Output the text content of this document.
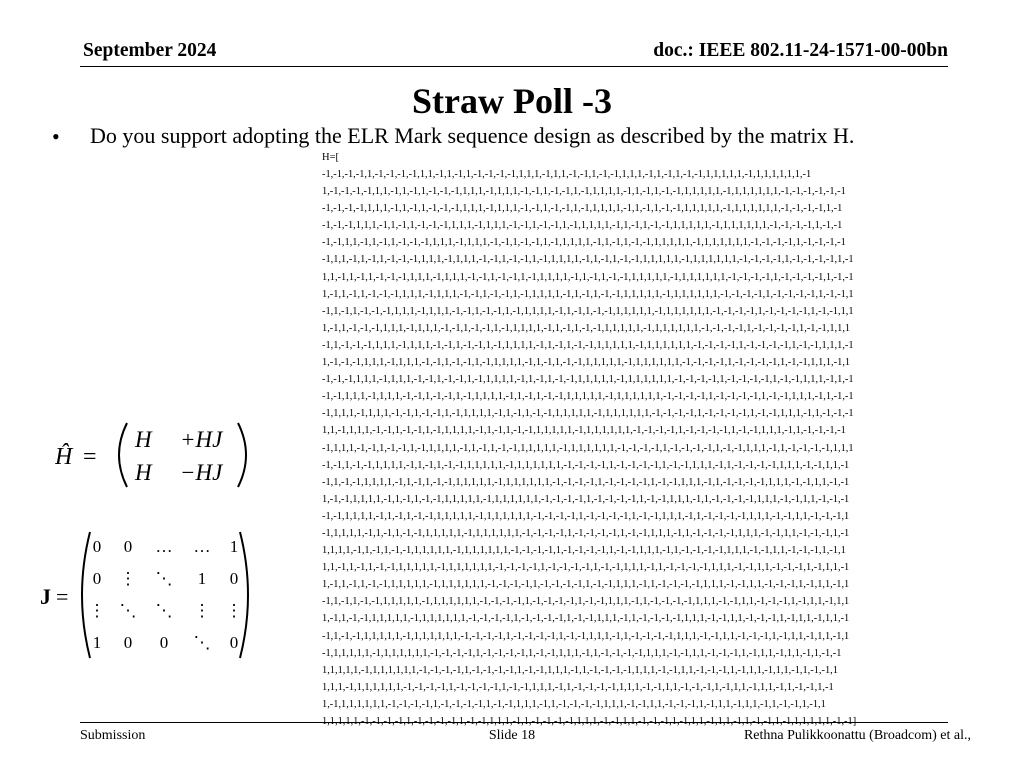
September 2024	doc.: IEEE 802.11-24-1571-00-00bn
Straw Poll -3
• Do you support adopting the ELR Mark sequence design as described by the matrix H.
H=[
-1,-1,-1,-1,1,-1,-1,-1,-1,1,1,-1,1,-1,1,-1,-1,-1,-1,1,1,1,-1,1,1,-1,-1,1,-1,-1,1,1,1,-1,1,-1,1,-1,-1,1,1,1,1,1,-1,1,1,1,1,1,1,-1
1,-1,-1,-1,-1,1,1,-1,1,-1,1,-1,-1,-1,1,1,1,-1,1,1,1,-1,-1,1,-1,-1,1,-1,1,1,1,1,-1,1,-1,1,-1,-1,1,1,1,1,1,-1,1,1,1,1,1,1,-1,-1,-1,-1,-1,-1
-1,-1,-1,-1,1,1,1,-1,1,-1,1,-1,-1,-1,1,1,1,-1,1,1,1,-1,-1,1,-1,-1,1,-1,1,1,1,1,-1,1,-1,1,-1,-1,1,1,1,1,1,-1,1,1,1,1,1,1,-1,-1,-1,-1,1,-1
-1,-1,-1,1,1,1,-1,1,-1,1,-1,-1,-1,1,1,1,-1,1,1,1,-1,-1,1,-1,-1,1,-1,1,1,1,1,-1,1,-1,1,-1,-1,1,1,1,1,1,-1,1,1,1,1,1,1,-1,-1,-1,-1,1,-1,-1
-1,-1,1,1,-1,1,-1,1,-1,-1,-1,1,1,1,-1,1,1,1,-1,-1,1,-1,-1,1,-1,1,1,1,1,-1,1,-1,1,-1,-1,1,1,1,1,1,-1,1,1,1,1,1,1,-1,-1,-1,-1,1,-1,-1,-1,-1
-1,1,1,-1,1,-1,1,-1,-1,-1,1,1,1,-1,1,1,1,-1,-1,1,-1,-1,1,-1,1,1,1,1,-1,1,-1,1,-1,-1,1,1,1,1,1,-1,1,1,1,1,1,1,-1,-1,-1,-1,1,-1,-1,-1,-1,1,-1
1,1,-1,1,-1,1,-1,-1,-1,1,1,1,-1,1,1,1,-1,-1,1,-1,-1,1,-1,1,1,1,1,-1,1,-1,1,-1,-1,1,1,1,1,1,-1,1,1,1,1,1,1,-1,-1,-1,-1,1,-1,-1,-1,-1,1,-1,-1
1,-1,1,-1,1,-1,-1,-1,1,1,1,-1,1,1,1,-1,-1,1,-1,-1,1,-1,1,1,1,1,-1,1,-1,1,-1,-1,1,1,1,1,1,-1,1,1,1,1,1,1,-1,-1,-1,-1,1,-1,-1,-1,-1,1,-1,-1,1
-1,1,-1,1,-1,-1,-1,1,1,1,-1,1,1,1,-1,-1,1,-1,-1,1,-1,1,1,1,1,-1,1,-1,1,-1,-1,1,1,1,1,1,-1,1,1,1,1,1,1,-1,-1,-1,-1,1,-1,-1,-1,-1,1,-1,-1,1,1
1,-1,1,-1,-1,-1,1,1,1,-1,1,1,1,-1,-1,1,-1,-1,1,-1,1,1,1,1,-1,1,-1,1,-1,-1,1,1,1,1,1,-1,1,1,1,1,1,1,-1,-1,-1,-1,1,-1,-1,-1,-1,1,-1,-1,1,1,1
-1,1,-1,-1,-1,1,1,1,-1,1,1,1,-1,-1,1,-1,-1,1,-1,1,1,1,1,-1,1,-1,1,-1,-1,1,1,1,1,1,-1,1,1,1,1,1,1,-1,-1,-1,-1,1,-1,-1,-1,-1,1,-1,-1,1,1,1,-1
1,-1,-1,-1,1,1,1,-1,1,1,1,-1,-1,1,-1,-1,1,-1,1,1,1,1,-1,1,-1,1,-1,-1,1,1,1,1,1,-1,1,1,1,1,1,1,-1,-1,-1,-1,1,-1,-1,-1,-1,1,-1,-1,1,1,1,-1,1
-1,-1,-1,1,1,1,-1,1,1,1,-1,-1,1,-1,-1,1,-1,1,1,1,1,-1,1,-1,1,-1,-1,1,1,1,1,1,-1,1,1,1,1,1,1,-1,-1,-1,-1,1,-1,-1,-1,-1,1,-1,-1,1,1,1,-1,1,-1
-1,-1,1,1,1,-1,1,1,1,-1,-1,1,-1,-1,1,-1,1,1,1,1,-1,1,-1,1,-1,-1,1,1,1,1,1,-1,1,1,1,1,1,1,-1,-1,-1,-1,1,-1,-1,-1,-1,1,-1,-1,1,1,1,-1,1,-1,-1
-1,1,1,1,-1,1,1,1,-1,-1,1,-1,-1,1,-1,1,1,1,1,-1,1,-1,1,-1,-1,1,1,1,1,1,-1,1,1,1,1,1,1,-1,-1,-1,-1,1,-1,-1,-1,-1,1,-1,-1,1,1,1,-1,1,-1,-1,-1
1,1,-1,1,1,1,-1,-1,1,-1,-1,1,-1,1,1,1,1,-1,1,-1,1,-1,-1,1,1,1,1,1,-1,1,1,1,1,1,1,-1,-1,-1,-1,1,-1,-1,-1,-1,1,-1,-1,1,1,1,-1,1,-1,-1,-1,-1
-1,1,1,1,-1,-1,1,-1,-1,1,-1,1,1,1,1,-1,1,-1,1,-1,-1,1,1,1,1,1,-1,1,1,1,1,1,1,-1,-1,-1,-1,1,-1,-1,-1,-1,1,-1,-1,1,1,1,-1,1,-1,-1,-1,-1,1,1,1
-1,-1,1,-1,-1,1,1,1,1,-1,1,-1,1,-1,-1,1,1,1,1,1,-1,1,1,1,1,1,1,-1,-1,-1,-1,1,-1,-1,-1,-1,1,-1,-1,1,1,1,-1,1,-1,-1,-1,-1,1,1,1,-1,-1,1,1,-1
-1,1,-1,-1,1,1,1,1,-1,1,-1,1,-1,-1,1,1,1,1,1,-1,1,1,1,1,1,1,-1,-1,-1,-1,1,-1,-1,-1,-1,1,-1,-1,1,1,1,-1,1,-1,-1,-1,-1,1,1,1,-1,-1,1,1,-1,-1
1,-1,-1,1,1,1,1,-1,1,-1,1,-1,-1,1,1,1,1,1,-1,1,1,1,1,1,1,-1,-1,-1,-1,1,-1,-1,-1,-1,1,-1,-1,1,1,1,-1,1,-1,-1,-1,-1,1,1,1,-1,-1,1,1,-1,-1,-1
-1,-1,1,1,1,1,-1,1,-1,1,-1,-1,1,1,1,1,1,-1,1,1,1,1,1,1,-1,-1,-1,-1,1,-1,-1,-1,-1,1,-1,-1,1,1,1,-1,1,-1,-1,-1,-1,1,1,1,-1,-1,1,1,-1,-1,-1,1
-1,1,1,1,1,-1,1,-1,1,-1,-1,1,1,1,1,1,-1,1,1,1,1,1,1,-1,-1,-1,-1,1,-1,-1,-1,-1,1,-1,-1,1,1,1,-1,1,-1,-1,-1,-1,1,1,1,-1,-1,1,1,-1,-1,-1,1,-1
1,1,1,1,-1,1,-1,1,-1,-1,1,1,1,1,1,-1,1,1,1,1,1,1,-1,-1,-1,-1,1,-1,-1,-1,-1,1,-1,-1,1,1,1,-1,1,-1,-1,-1,-1,1,1,1,-1,-1,1,1,-1,-1,-1,1,-1,1
1,1,-1,1,-1,1,-1,-1,1,1,1,1,1,-1,1,1,1,1,1,1,-1,-1,-1,-1,1,-1,-1,-1,-1,1,-1,-1,1,1,1,-1,1,-1,-1,-1,-1,1,1,1,-1,-1,1,1,-1,-1,-1,1,-1,1,1,-1
1,-1,1,-1,1,-1,-1,1,1,1,1,1,-1,1,1,1,1,1,1,-1,-1,-1,-1,1,-1,-1,-1,-1,1,-1,-1,1,1,1,-1,1,-1,-1,-1,-1,1,1,1,-1,-1,1,1,-1,-1,-1,1,-1,1,1,-1,1
-1,1,-1,1,-1,-1,1,1,1,1,1,-1,1,1,1,1,1,1,-1,-1,-1,-1,1,-1,-1,-1,-1,1,-1,-1,1,1,1,-1,1,-1,-1,-1,-1,1,1,1,-1,-1,1,1,-1,-1,-1,1,-1,1,1,-1,1,1
1,-1,1,-1,-1,1,1,1,1,1,-1,1,1,1,1,1,1,-1,-1,-1,-1,1,-1,-1,-1,-1,1,-1,-1,1,1,1,-1,1,-1,-1,-1,-1,1,1,1,-1,-1,1,1,-1,-1,-1,1,-1,1,1,-1,1,1,-1
-1,1,-1,-1,1,1,1,1,1,-1,1,1,1,1,1,1,-1,-1,-1,-1,1,-1,-1,-1,-1,1,-1,-1,1,1,1,-1,1,-1,-1,-1,-1,1,1,1,-1,-1,1,1,-1,-1,-1,1,-1,1,1,-1,1,1,-1,1
-1,1,1,1,1,1,-1,1,1,1,1,1,1,-1,-1,-1,-1,1,-1,-1,-1,-1,1,-1,-1,1,1,1,-1,1,-1,-1,-1,-1,1,1,1,-1,-1,1,1,-1,-1,-1,1,-1,1,1,-1,1,1,-1,1,-1,-1
1,1,1,1,1,-1,1,1,1,1,1,1,-1,-1,-1,-1,1,-1,-1,-1,-1,1,-1,-1,1,1,1,-1,1,-1,-1,-1,-1,1,1,1,-1,-1,1,1,-1,-1,-1,1,-1,1,1,-1,1,1,-1,1,-1,-1,1
1,1,1,-1,1,1,1,1,1,1,-1,-1,-1,-1,1,-1,-1,-1,-1,1,-1,-1,1,1,1,-1,1,-1,-1,-1,-1,1,1,1,-1,-1,1,1,-1,-1,-1,1,-1,1,1,-1,1,1,-1,1,-1,-1,1,-1
1,-1,1,1,1,1,1,1,-1,-1,-1,-1,1,-1,-1,-1,-1,1,-1,-1,1,1,1,-1,1,-1,-1,-1,-1,1,1,1,-1,-1,1,1,-1,-1,-1,1,-1,1,1,-1,1,1,-1,1,-1,-1,1,-1,1
1,1,1,1,1,-1,-1,-1,-1,1,-1,-1,-1,-1,1,-1,-1,1,1,1,-1,1,-1,-1,-1,-1,1,1,1,-1,-1,1,1,-1,-1,-1,1,-1,1,1,-1,1,1,-1,1,-1,-1,1,-1,1,1,1,1,1,-1,-1]
Ĥ =
H +HJ
H −HJ
J =
0 0 … … 1
0 ⋮ ⋱ 1 0
⋮ ⋱ ⋱ ⋮ ⋮
1 0 0 ⋱ 0
Submission	Slide 18	Rethna Pulikkoonattu (Broadcom) et al.,
